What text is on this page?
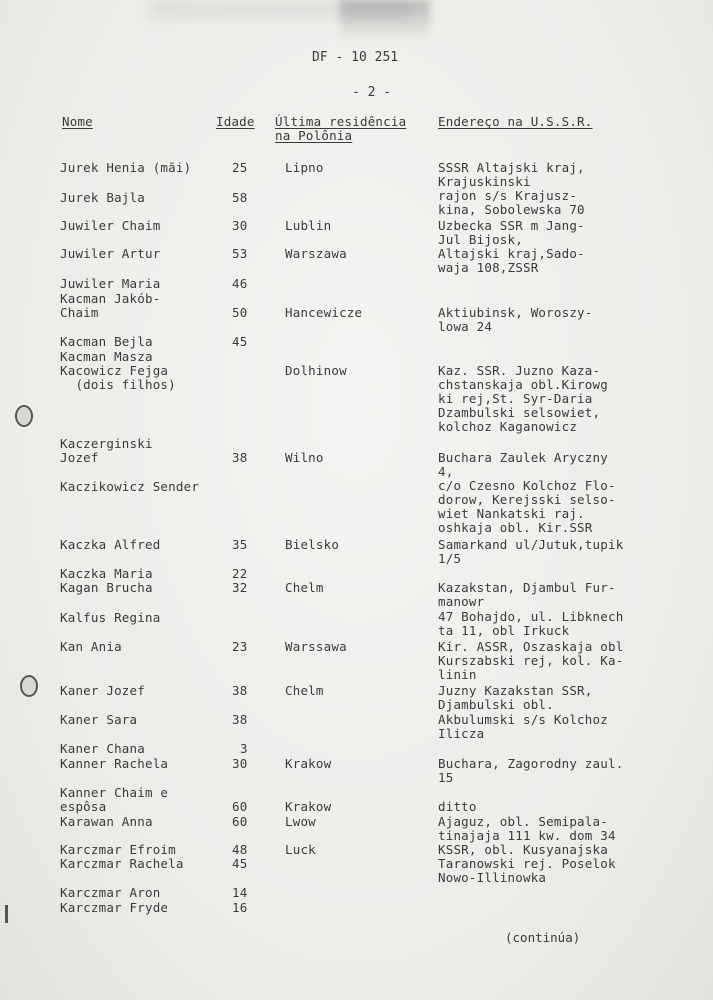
DF - 10 251
- 2 -
Nome	Idade Última residência
na Polônia
Endereço na U.S.S.R.
Jurek Henia (mãi)
Jurek Bajla
Juwiler Chaim
Juwiler Artur
Juwiler Maria
Kacman Jakób-
Chaim
Kacman Bejla
Kacman Masza
Kacowicz Fejga
(dois filhos)
Kaczerginski
Jozef
Kaczikowicz Sender
Kaczka Alfred
Kaczka Maria
Kagan Brucha
Kalfus Regina
Kan Ania
Kaner Jozef
Kaner Sara
Kaner Chana
Kanner Rachela
Kanner Chaim e
espôsa
Karawan Anna
Karczmar Efroim
Karczmar Rachela
Karczmar Aron
Karczmar Fryde
25
58
30
53
46
50
45
38
35
22
32
23
38
38
3
30
60
60
48
45
14
16
Lipno
Lublin
Warszawa
Hancewicze
Dolhinow
Wilno
Bielsko
Chelm
Warssawa
Chelm
Krakow
Krakow
Lwow
Luck
SSSR Altajski kraj,
Krajuskinski
rajon s/s Krajusz-
kina, Sobolewska 70
Uzbecka SSR m Jang-
Jul Bijosk,
Altajski kraj,Sado-
waja 108,ZSSR
Aktiubinsk, Woroszy-
lowa 24
Kaz. SSR. Juzno Kaza-
chstanskaja obl.Kirowg
ki rej,St. Syr-Daria
Dzambulski selsowiet,
kolchoz Kaganowicz
Buchara Zaulek Aryczny
4,
c/o Czesno Kolchoz Flo-
dorow, Kerejsski selso-
wiet Nankatski raj.
oshkaja obl. Kir.SSR
Samarkand ul/Jutuk,tupik
1/5
Kazakstan, Djambul Fur-
manowr
47 Bohajdo, ul. Libknech
ta 11, obl Irkuck
Kir. ASSR, Oszaskaja obl
Kurszabski rej, kol. Ka-
linin
Juzny Kazakstan SSR,
Djambulski obl.
Akbulumski s/s Kolchoz
Ilicza
Buchara, Zagorodny zaul.
15
ditto
Ajaguz, obl. Semipala-
tinajaja 111 kw. dom 34
KSSR, obl. Kusyanajska
Taranowski rej. Poselok
Nowo-Illinowka
(continúa)
